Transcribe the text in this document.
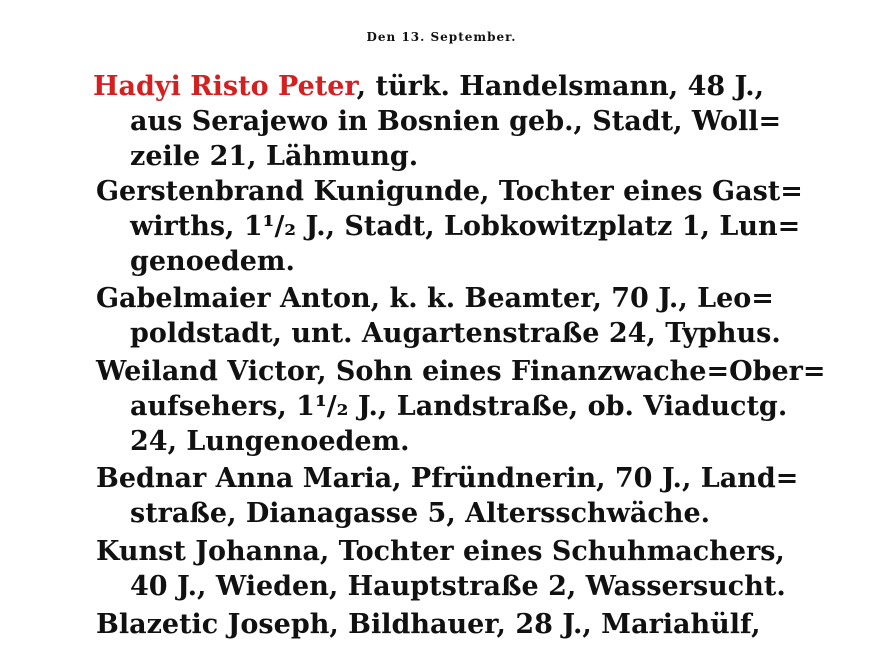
Den 13. September.
Hadyi Risto Peter, türk. Handelsmann, 48 J.,
aus Serajewo in Bosnien geb., Stadt, Woll=
zeile 21, Lähmung.
Gerstenbrand Kunigunde, Tochter eines Gast=
wirths, 1¹/₂ J., Stadt, Lobkowitzplatz 1, Lun=
genoedem.
Gabelmaier Anton, k. k. Beamter, 70 J., Leo=
poldstadt, unt. Augartenstraße 24, Typhus.
Weiland Victor, Sohn eines Finanzwache=Ober=
aufsehers, 1¹/₂ J., Landstraße, ob. Viaductg.
24, Lungenoedem.
Bednar Anna Maria, Pfründnerin, 70 J., Land=
straße, Dianagasse 5, Altersschwäche.
Kunst Johanna, Tochter eines Schuhmachers,
40 J., Wieden, Hauptstraße 2, Wassersucht.
Blazetic Joseph, Bildhauer, 28 J., Mariahülf,
